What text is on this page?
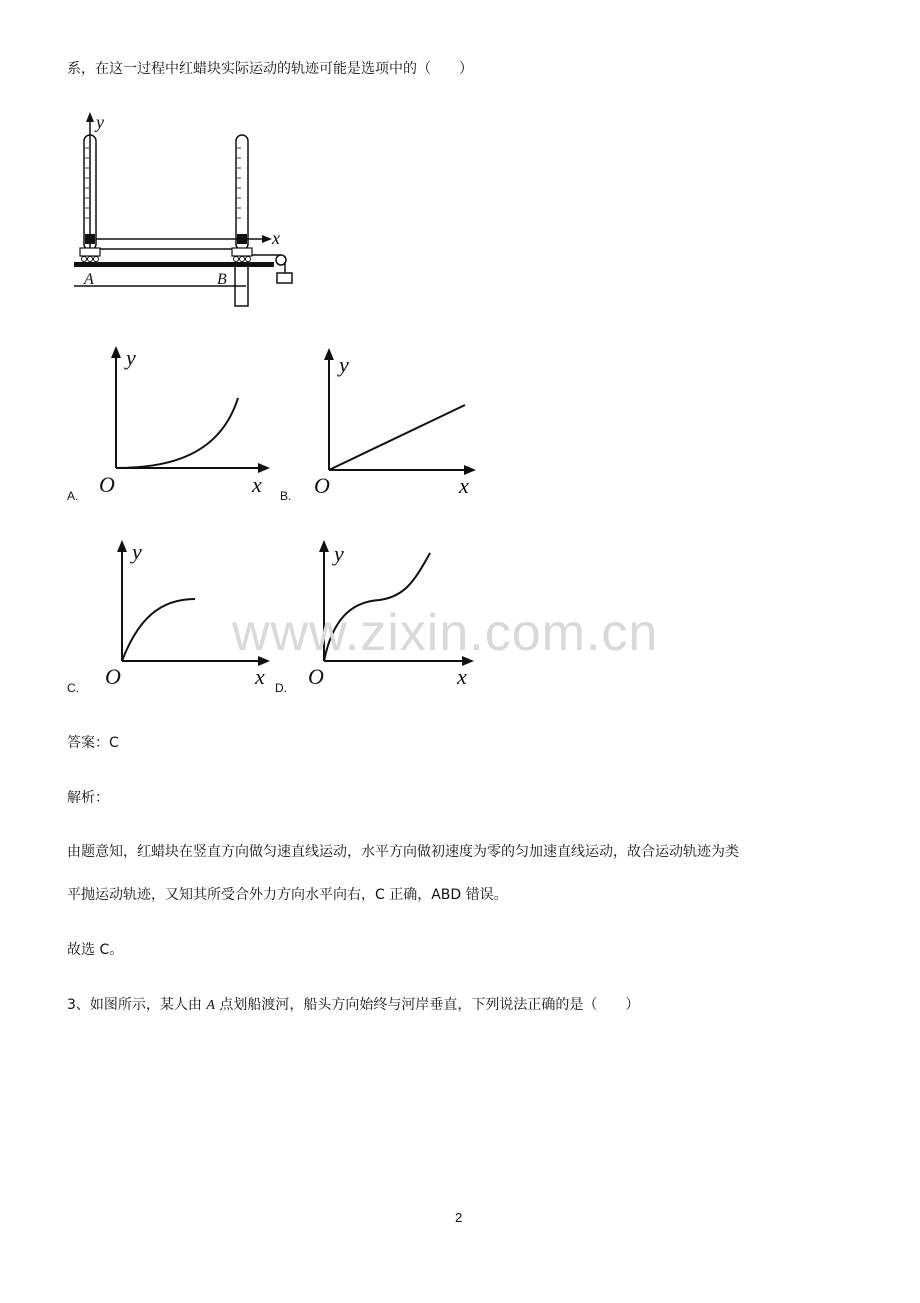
系，在这一过程中红蜡块实际运动的轨迹可能是选项中的（　　）
y
x
A	B
A.
y
x
O	B.
y
x
O
C.
y
x
O	D.
y
x
O
www.zixin.com.cn
答案：C
解析：
由题意知，红蜡块在竖直方向做匀速直线运动，水平方向做初速度为零的匀加速直线运动，故合运动轨迹为类
平抛运动轨迹，又知其所受合外力方向水平向右，C 正确，ABD 错误。
故选 C。
3、如图所示，某人由 A 点划船渡河，船头方向始终与河岸垂直，下列说法正确的是（　　）
2
